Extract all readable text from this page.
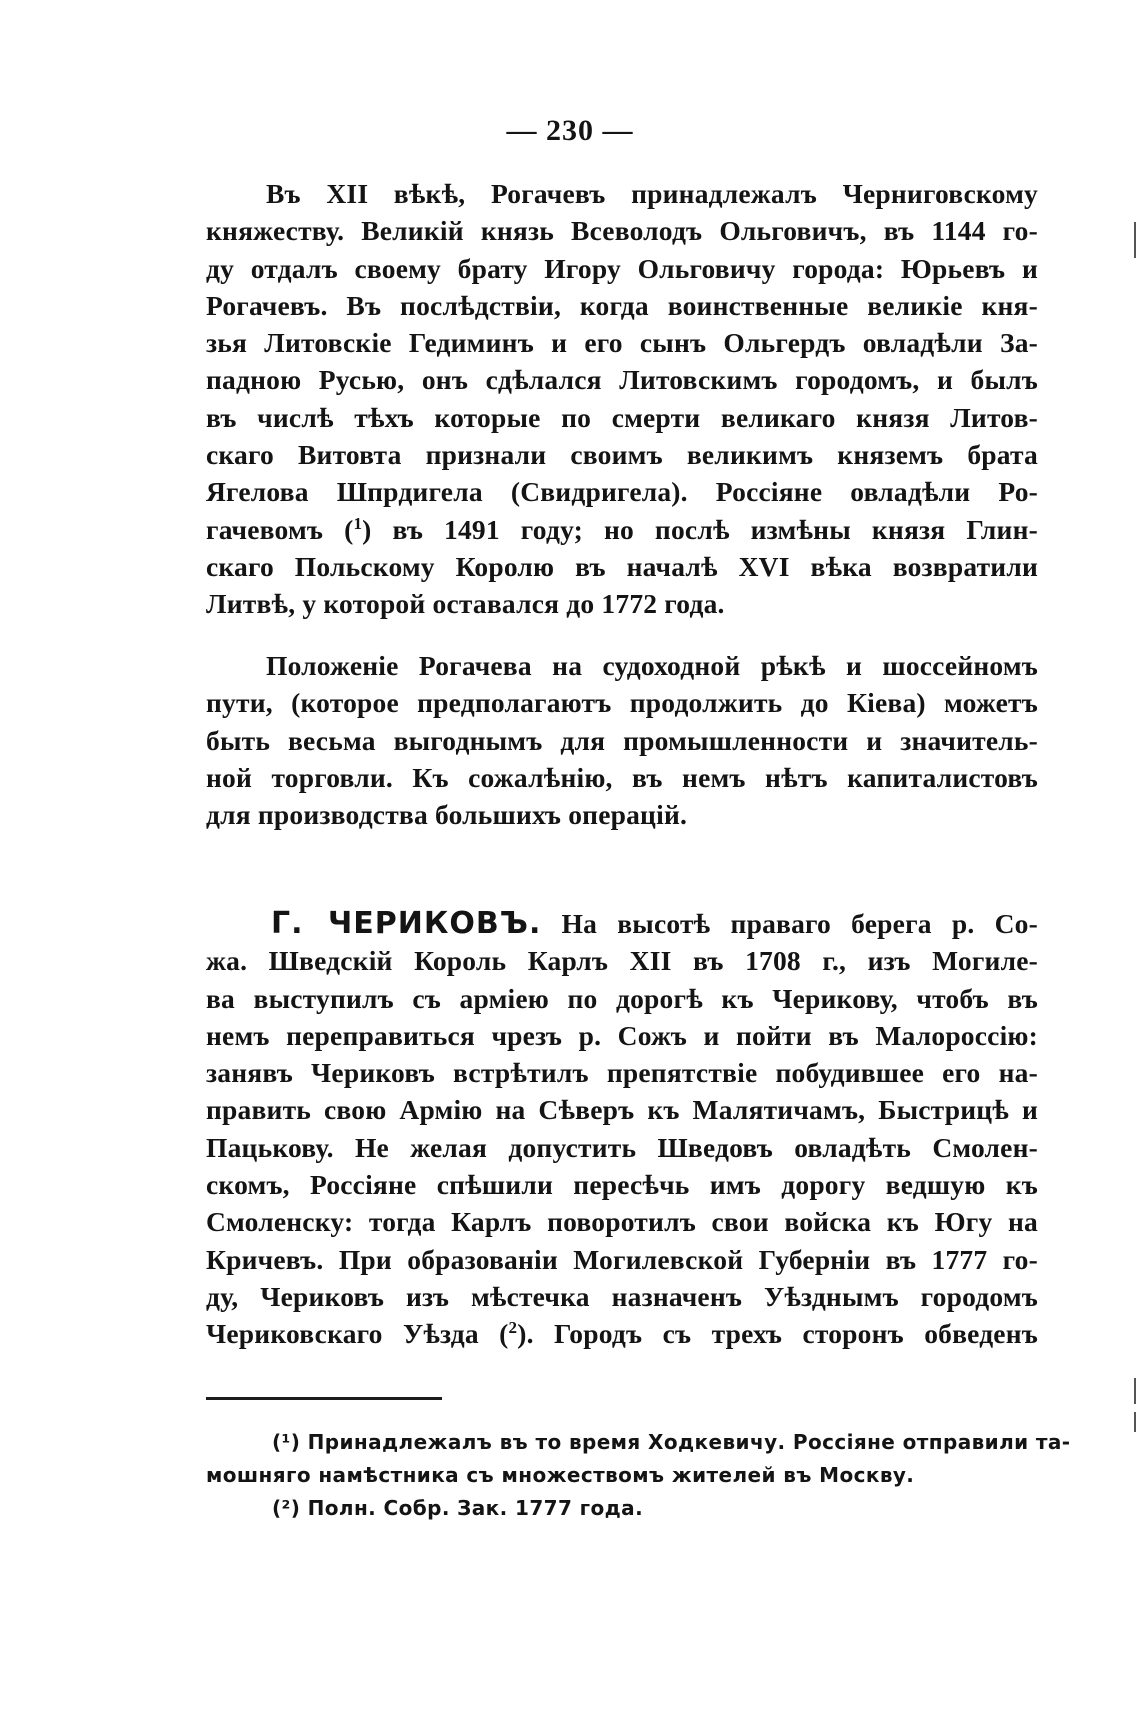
— 230 —
Въ XII вѣкѣ, Рогачевъ принадлежалъ Черниговскому
княжеству. Великій князь Всеволодъ Ольговичъ, въ 1144 го-
ду отдалъ своему брату Игору Ольговичу города: Юрьевъ и
Рогачевъ. Въ послѣдствіи, когда воинственные великіе кня-
зья Литовскіе Гедиминъ и его сынъ Ольгердъ овладѣли За-
падною Русью, онъ сдѣлался Литовскимъ городомъ, и былъ
въ числѣ тѣхъ которые по смерти великаго князя Литов-
скаго Витовта признали своимъ великимъ княземъ брата
Ягелова Шпрдигела (Свидригела). Россіяне овладѣли Ро-
гачевомъ ($^1$) въ 1491 году; но послѣ измѣны князя Глин-
скаго Польскому Королю въ началѣ XVI вѣка возвратили
Литвѣ, у которой оставался до 1772 года.
Положеніе Рогачева на судоходной рѣкѣ и шоссейномъ
пути, (которое предполагаютъ продолжить до Кіева) можетъ
быть весьма выгоднымъ для промышленности и значитель-
ной торговли. Къ сожалѣнію, въ немъ нѣтъ капиталистовъ
для производства большихъ операцій.
Г. ЧЕРИКОВЪ. На высотѣ праваго берега р. Со-
жа. Шведскій Король Карлъ XII въ 1708 г., изъ Могиле-
ва выступилъ съ арміею по дорогѣ къ Черикову, чтобъ въ
немъ переправиться чрезъ р. Сожъ и пойти въ Малороссію:
занявъ Чериковъ встрѣтилъ препятствіе побудившее его на-
править свою Армію на Сѣверъ къ Малятичамъ, Быстрицѣ и
Пацькову. Не желая допустить Шведовъ овладѣть Смолен-
скомъ, Россіяне спѣшили пересѣчь имъ дорогу ведшую къ
Смоленску: тогда Карлъ поворотилъ свои войска къ Югу на
Кричевъ. При образованіи Могилевской Губерніи въ 1777 го-
ду, Чериковъ изъ мѣстечка назначенъ Уѣзднымъ городомъ
Чериковскаго Уѣзда ($^2$). Городъ съ трехъ сторонъ обведенъ
(¹) Принадлежалъ въ то время Ходкевичу. Россіяне отправили та-
мошняго намѣстника съ множествомъ жителей въ Москву.
(²) Полн. Собр. Зак. 1777 года.
